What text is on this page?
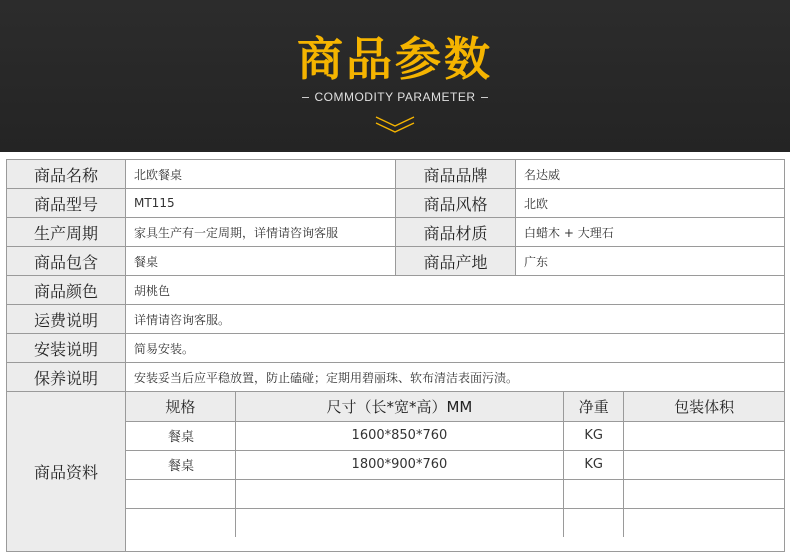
商品参数
COMMODITY PARAMETER
商品名称	北欧餐桌	商品品牌	名达威
商品型号	MT115	商品风格	北欧
生产周期	家具生产有一定周期，详情请咨询客服	商品材质	白蜡木 + 大理石
商品包含	餐桌	商品产地	广东
商品颜色	胡桃色
运费说明	详情请咨询客服。
安装说明	简易安装。
保养说明	安装妥当后应平稳放置，防止磕碰；定期用碧丽珠、软布清洁表面污渍。
商品资料	
规格	尺寸（长*宽*高）MM	净重	包装体积
餐桌	1600*850*760	KG	
餐桌	1800*900*760	KG	
